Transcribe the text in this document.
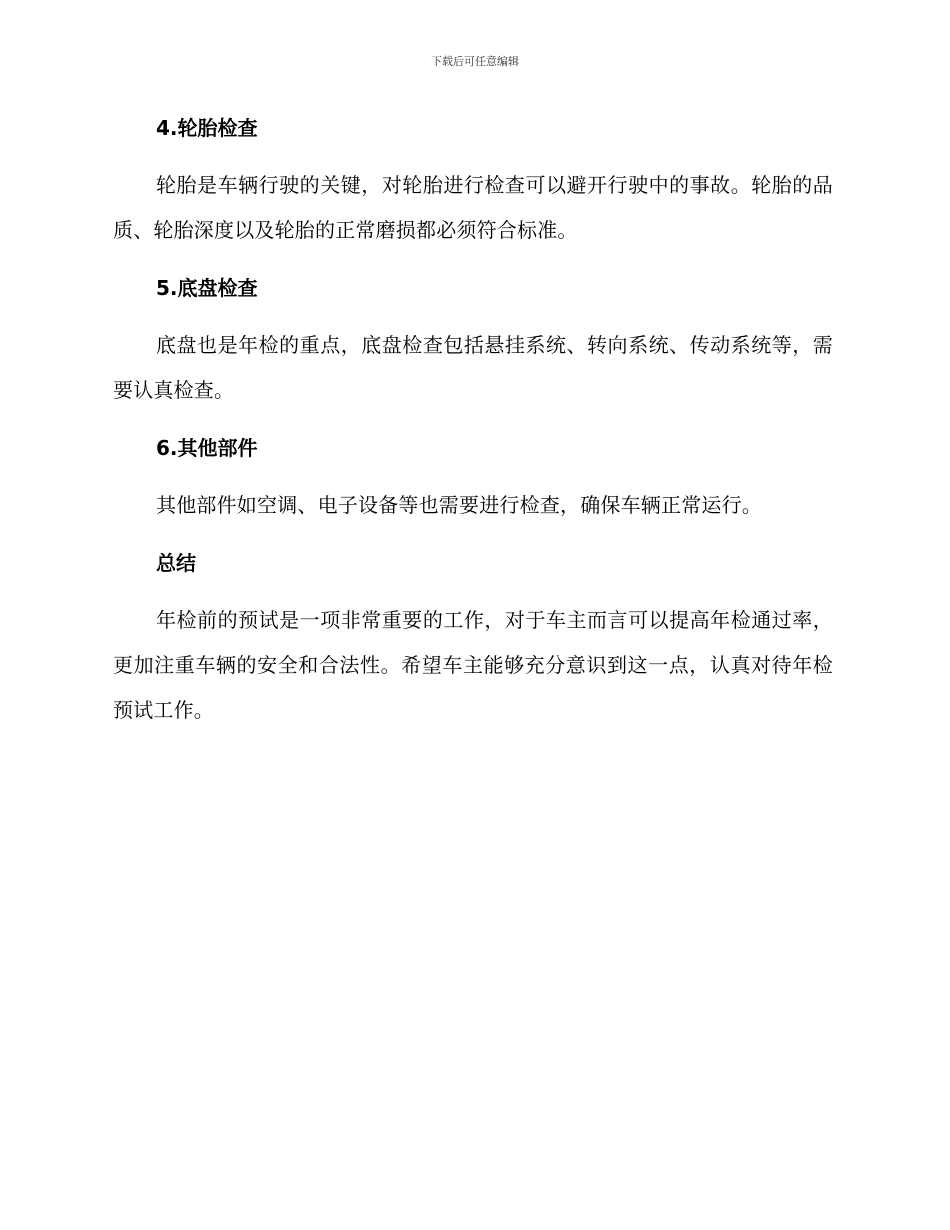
下载后可任意编辑
4.轮胎检查

轮胎是车辆行驶的关键，对轮胎进行检查可以避开行驶中的事故。轮胎的品质、轮胎深度以及轮胎的正常磨损都必须符合标准。

5.底盘检查

底盘也是年检的重点，底盘检查包括悬挂系统、转向系统、传动系统等，需要认真检查。

6.其他部件

其他部件如空调、电子设备等也需要进行检查，确保车辆正常运行。

总结

年检前的预试是一项非常重要的工作，对于车主而言可以提高年检通过率，更加注重车辆的安全和合法性。希望车主能够充分意识到这一点，认真对待年检预试工作。
